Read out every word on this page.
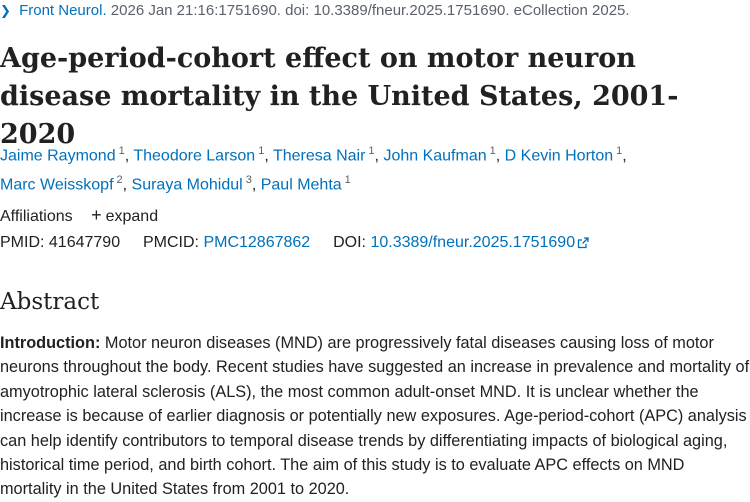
❯ Front Neurol. 2026 Jan 21:16:1751690. doi: 10.3389/fneur.2025.1751690. eCollection 2025.
Age-period-cohort effect on motor neuron disease mortality in the United States, 2001-2020
Jaime Raymond $^1$, Theodore Larson $^1$, Theresa Nair $^1$, John Kaufman $^1$, D Kevin Horton $^1$,
Marc Weisskopf $^2$, Suraya Mohidul $^3$, Paul Mehta $^1$
Affiliations + expand
PMID: 41647790 PMCID: PMC12867862 DOI: 10.3389/fneur.2025.1751690
Abstract

Introduction: Motor neuron diseases (MND) are progressively fatal diseases causing loss of motor neurons throughout the body. Recent studies have suggested an increase in prevalence and mortality of amyotrophic lateral sclerosis (ALS), the most common adult-onset MND. It is unclear whether the increase is because of earlier diagnosis or potentially new exposures. Age-period-cohort (APC) analysis can help identify contributors to temporal disease trends by differentiating impacts of biological aging, historical time period, and birth cohort. The aim of this study is to evaluate APC effects on MND mortality in the United States from 2001 to 2020.
